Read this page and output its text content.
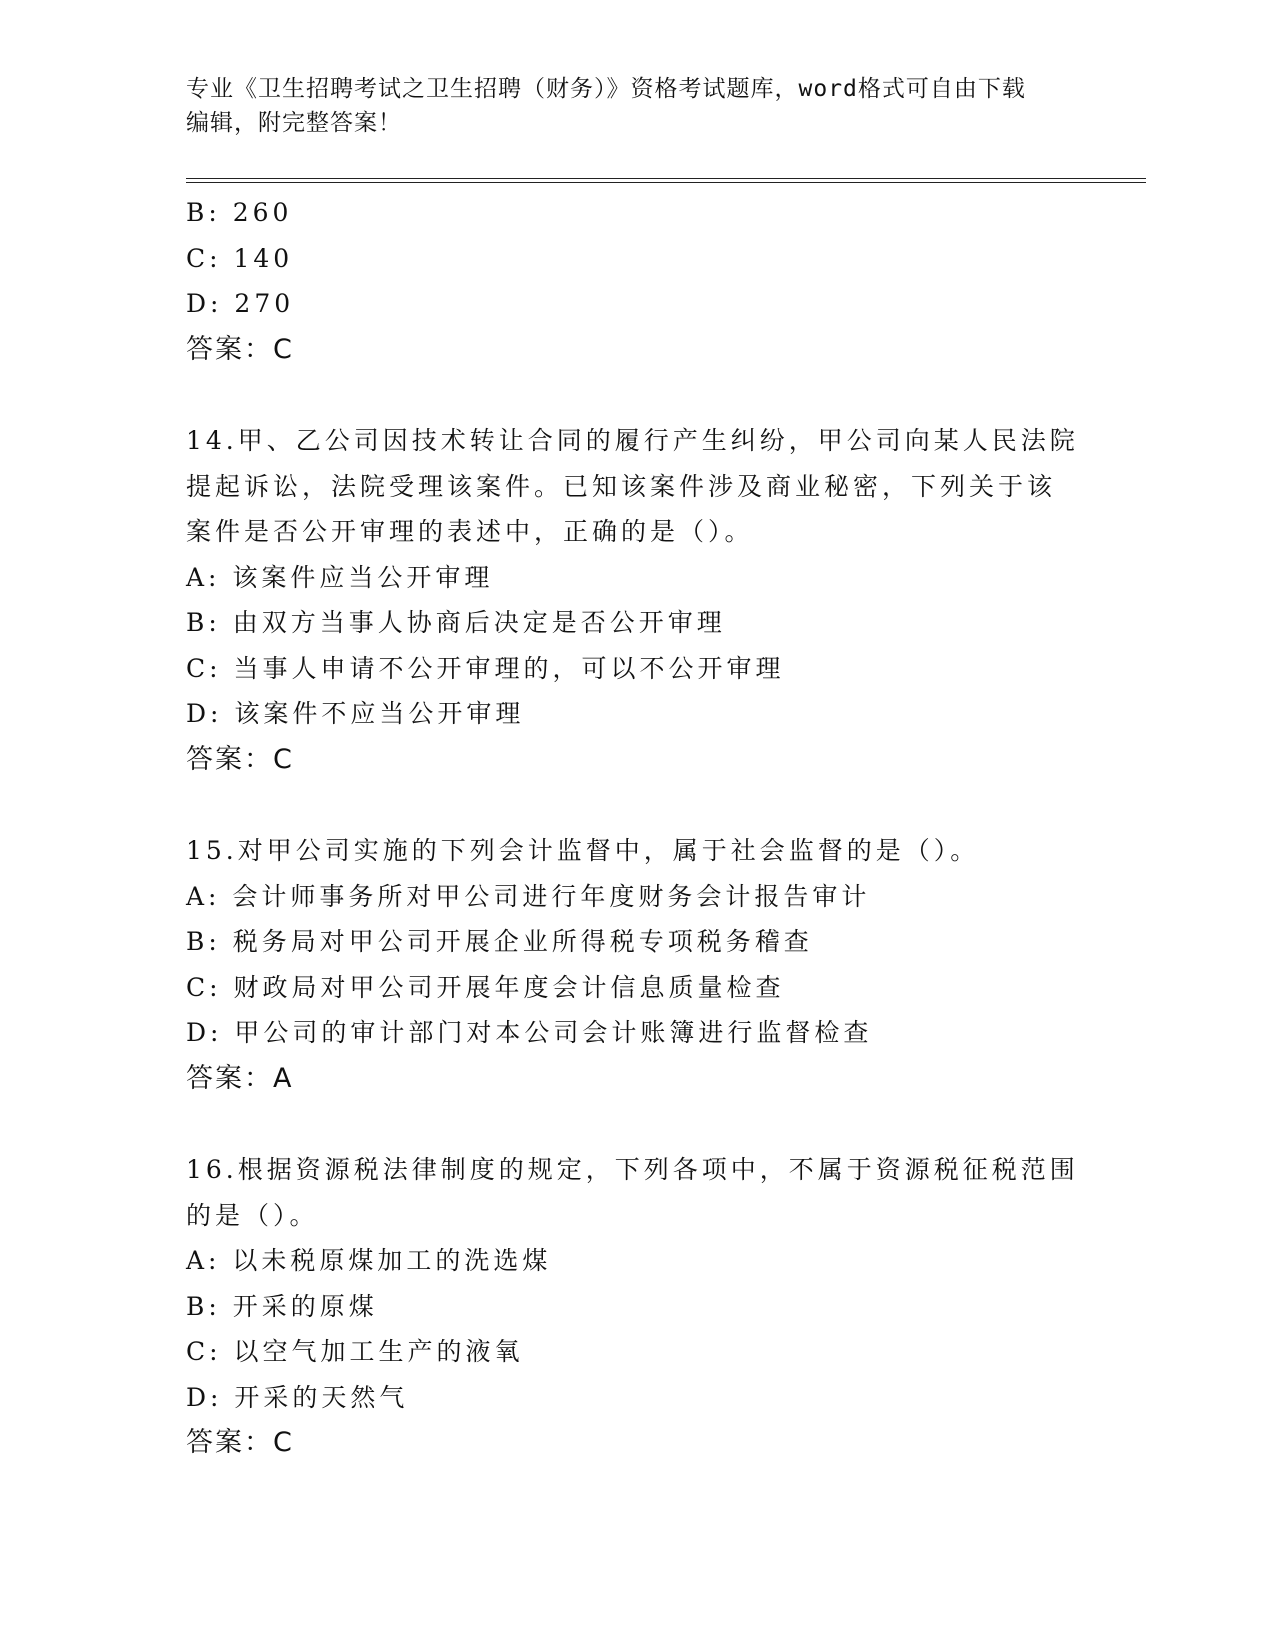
专业《卫生招聘考试之卫生招聘（财务）》资格考试题库，word格式可自由下载
编辑，附完整答案！
B: 260
C: 140
D: 270
答案：C
14.甲、乙公司因技术转让合同的履行产生纠纷，甲公司向某人民法院
提起诉讼，法院受理该案件。已知该案件涉及商业秘密，下列关于该
案件是否公开审理的表述中，正确的是（）。
A: 该案件应当公开审理
B: 由双方当事人协商后决定是否公开审理
C: 当事人申请不公开审理的，可以不公开审理
D: 该案件不应当公开审理
答案：C
15.对甲公司实施的下列会计监督中，属于社会监督的是（）。
A: 会计师事务所对甲公司进行年度财务会计报告审计
B: 税务局对甲公司开展企业所得税专项税务稽查
C: 财政局对甲公司开展年度会计信息质量检查
D: 甲公司的审计部门对本公司会计账簿进行监督检查
答案：A
16.根据资源税法律制度的规定，下列各项中，不属于资源税征税范围
的是（）。
A: 以未税原煤加工的洗选煤
B: 开采的原煤
C: 以空气加工生产的液氧
D: 开采的天然气
答案：C
